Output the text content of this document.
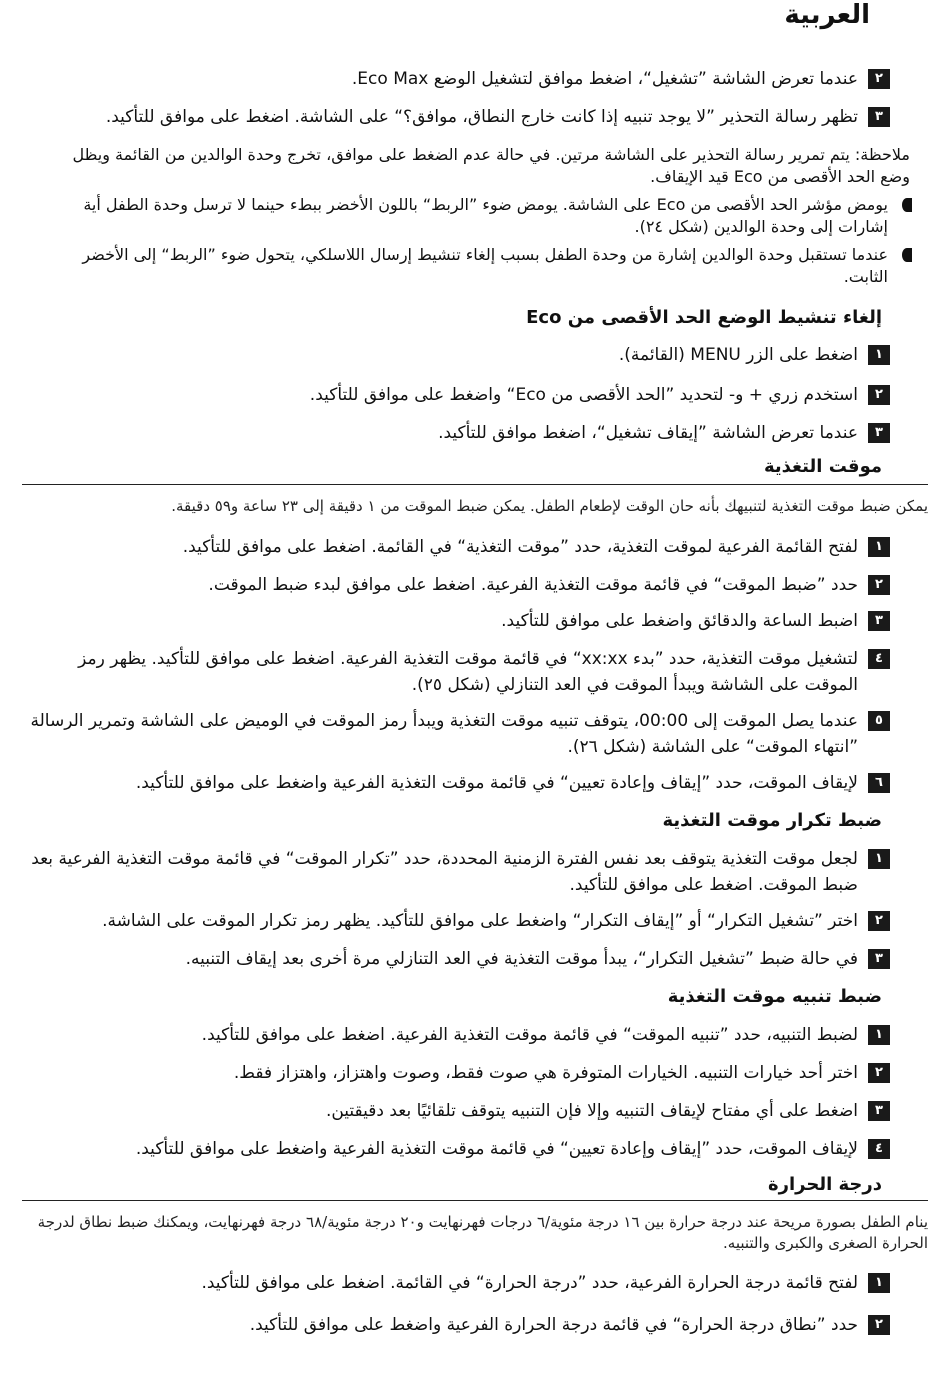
العربية
٢
عندما تعرض الشاشة ”تشغيل“، اضغط موافق لتشغيل الوضع Eco Max.
٣
تظهر رسالة التحذير ”لا يوجد تنبيه إذا كانت خارج النطاق، موافق؟“ على الشاشة. اضغط على موافق للتأكيد.
ملاحظة: يتم تمرير رسالة التحذير على الشاشة مرتين. في حالة عدم الضغط على موافق، تخرج وحدة الوالدين من القائمة ويظل وضع الحد الأقصى من Eco قيد الإيقاف.
يومض مؤشر الحد الأقصى من Eco على الشاشة. يومض ضوء ”الربط“ باللون الأخضر ببطء حينما لا ترسل وحدة الطفل أية إشارات إلى وحدة الوالدين (شكل ٢٤).
عندما تستقبل وحدة الوالدين إشارة من وحدة الطفل بسبب إلغاء تنشيط إرسال اللاسلكي، يتحول ضوء ”الربط“ إلى الأخضر الثابت.
إلغاء تنشيط الوضع الحد الأقصى من Eco
١
اضغط على الزر MENU (القائمة).
٢
استخدم زري + و- لتحديد ”الحد الأقصى من Eco“ واضغط على موافق للتأكيد.
٣
عندما تعرض الشاشة ”إيقاف تشغيل“، اضغط موافق للتأكيد.
موقت التغذية
يمكن ضبط موقت التغذية لتنبيهك بأنه حان الوقت لإطعام الطفل. يمكن ضبط الموقت من ١ دقيقة إلى ٢٣ ساعة و٥٩ دقيقة.
١
لفتح القائمة الفرعية لموقت التغذية، حدد ”موقت التغذية“ في القائمة. اضغط على موافق للتأكيد.
٢
حدد ”ضبط الموقت“ في قائمة موقت التغذية الفرعية. اضغط على موافق لبدء ضبط الموقت.
٣
اضبط الساعة والدقائق واضغط على موافق للتأكيد.
٤
لتشغيل موقت التغذية، حدد ”بدء xx:xx“ في قائمة موقت التغذية الفرعية. اضغط على موافق للتأكيد. يظهر رمز الموقت على الشاشة ويبدأ الموقت في العد التنازلي (شكل ٢٥).
٥
عندما يصل الموقت إلى 00:00، يتوقف تنبيه موقت التغذية ويبدأ رمز الموقت في الوميض على الشاشة وتمرير الرسالة ”انتهاء الموقت“ على الشاشة (شكل ٢٦).
٦
لإيقاف الموقت، حدد ”إيقاف وإعادة تعيين“ في قائمة موقت التغذية الفرعية واضغط على موافق للتأكيد.
ضبط تكرار موقت التغذية
١
لجعل موقت التغذية يتوقف بعد نفس الفترة الزمنية المحددة، حدد ”تكرار الموقت“ في قائمة موقت التغذية الفرعية بعد ضبط الموقت. اضغط على موافق للتأكيد.
٢
اختر ”تشغيل التكرار“ أو ”إيقاف التكرار“ واضغط على موافق للتأكيد. يظهر رمز تكرار الموقت على الشاشة.
٣
في حالة ضبط ”تشغيل التكرار“، يبدأ موقت التغذية في العد التنازلي مرة أخرى بعد إيقاف التنبيه.
ضبط تنبيه موقت التغذية
١
لضبط التنبيه، حدد ”تنبيه الموقت“ في قائمة موقت التغذية الفرعية. اضغط على موافق للتأكيد.
٢
اختر أحد خيارات التنبيه. الخيارات المتوفرة هي صوت فقط، وصوت واهتزاز، واهتزاز فقط.
٣
اضغط على أي مفتاح لإيقاف التنبيه وإلا فإن التنبيه يتوقف تلقائيًا بعد دقيقتين.
٤
لإيقاف الموقت، حدد ”إيقاف وإعادة تعيين“ في قائمة موقت التغذية الفرعية واضغط على موافق للتأكيد.
درجة الحرارة
ينام الطفل بصورة مريحة عند درجة حرارة بين ١٦ درجة مئوية/٦ درجات فهرنهايت و٢٠ درجة مئوية/٦٨ درجة فهرنهايت، ويمكنك ضبط نطاق لدرجة الحرارة الصغرى والكبرى والتنبيه.
١
لفتح قائمة درجة الحرارة الفرعية، حدد ”درجة الحرارة“ في القائمة. اضغط على موافق للتأكيد.
٢
حدد ”نطاق درجة الحرارة“ في قائمة درجة الحرارة الفرعية واضغط على موافق للتأكيد.
